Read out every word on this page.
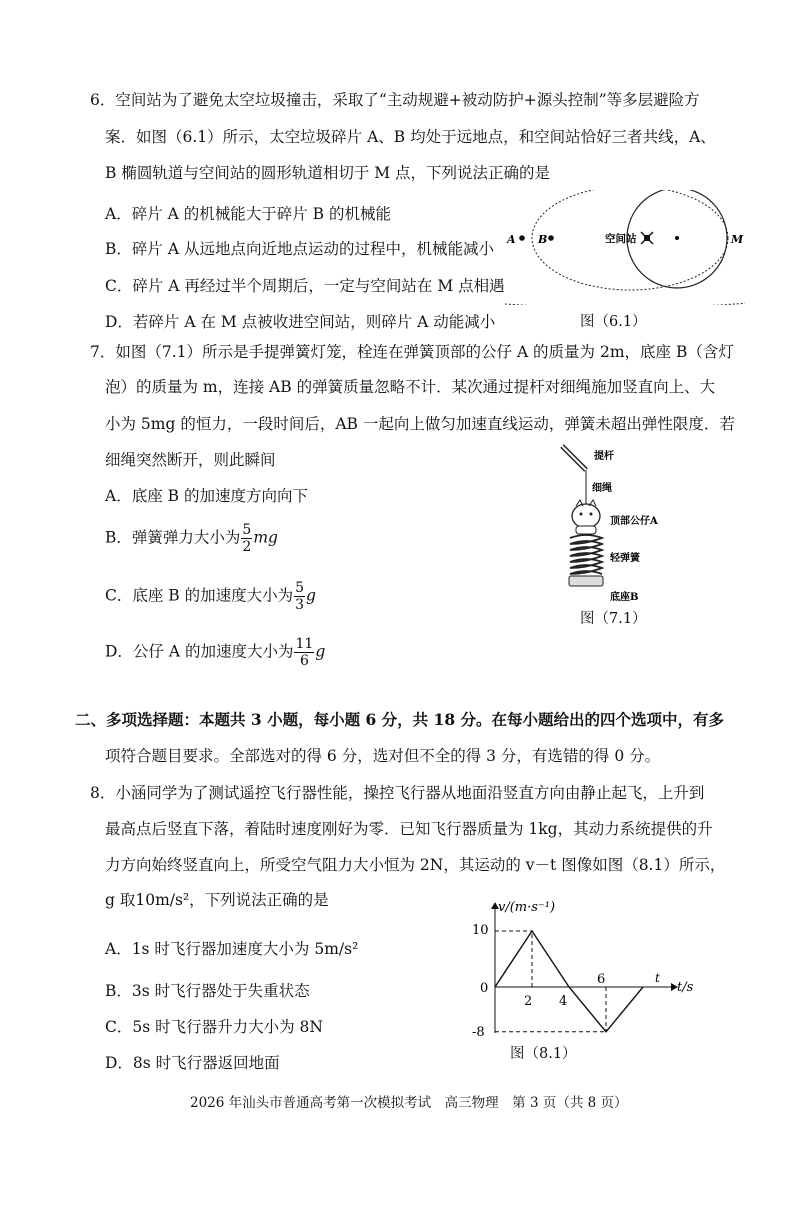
6．空间站为了避免太空垃圾撞击，采取了“主动规避+被动防护+源头控制”等多层避险方
案．如图（6.1）所示，太空垃圾碎片 A、B 均处于远地点，和空间站恰好三者共线，A、
B 椭圆轨道与空间站的圆形轨道相切于 M 点，下列说法正确的是
A．碎片 A 的机械能大于碎片 B 的机械能
B．碎片 A 从远地点向近地点运动的过程中，机械能减小
C．碎片 A 再经过半个周期后，一定与空间站在 M 点相遇
D．若碎片 A 在 M 点被收进空间站，则碎片 A 动能减小
A B	空间站	M
图（6.1）
7．如图（7.1）所示是手提弹簧灯笼，栓连在弹簧顶部的公仔 A 的质量为 2m，底座 B（含灯
泡）的质量为 m，连接 AB 的弹簧质量忽略不计．某次通过提杆对细绳施加竖直向上、大
小为 5mg 的恒力，一段时间后，AB 一起向上做匀加速直线运动，弹簧未超出弹性限度．若
细绳突然断开，则此瞬间
A．底座 B 的加速度方向向下
B．弹簧弹力大小为 $\frac{5}{2}$ mg
C．底座 B 的加速度大小为 $\frac{5}{3}$ g
D．公仔 A 的加速度大小为 $\frac{11}{6}$ g
提杆
细绳
顶部公仔A
轻弹簧
底座B
图（7.1）
二、多项选择题：本题共 3 小题，每小题 6 分，共 18 分。在每小题给出的四个选项中，有多
项符合题目要求。全部选对的得 6 分，选对但不全的得 3 分，有选错的得 0 分。
8．小涵同学为了测试遥控飞行器性能，操控飞行器从地面沿竖直方向由静止起飞，上升到
最高点后竖直下落，着陆时速度刚好为零．已知飞行器质量为 1kg，其动力系统提供的升
力方向始终竖直向上，所受空气阻力大小恒为 2N，其运动的 v－t 图像如图（8.1）所示，
g 取10m/s²，下列说法正确的是
A．1s 时飞行器加速度大小为 5m/s²
B．3s 时飞行器处于失重状态
C．5s 时飞行器升力大小为 8N
D．8s 时飞行器返回地面
v/(m·s⁻¹)
t/s
t
10
0
-8
2 4
6
图（8.1）
2026 年汕头市普通高考第一次模拟考试　高三物理　第 3 页（共 8 页）
